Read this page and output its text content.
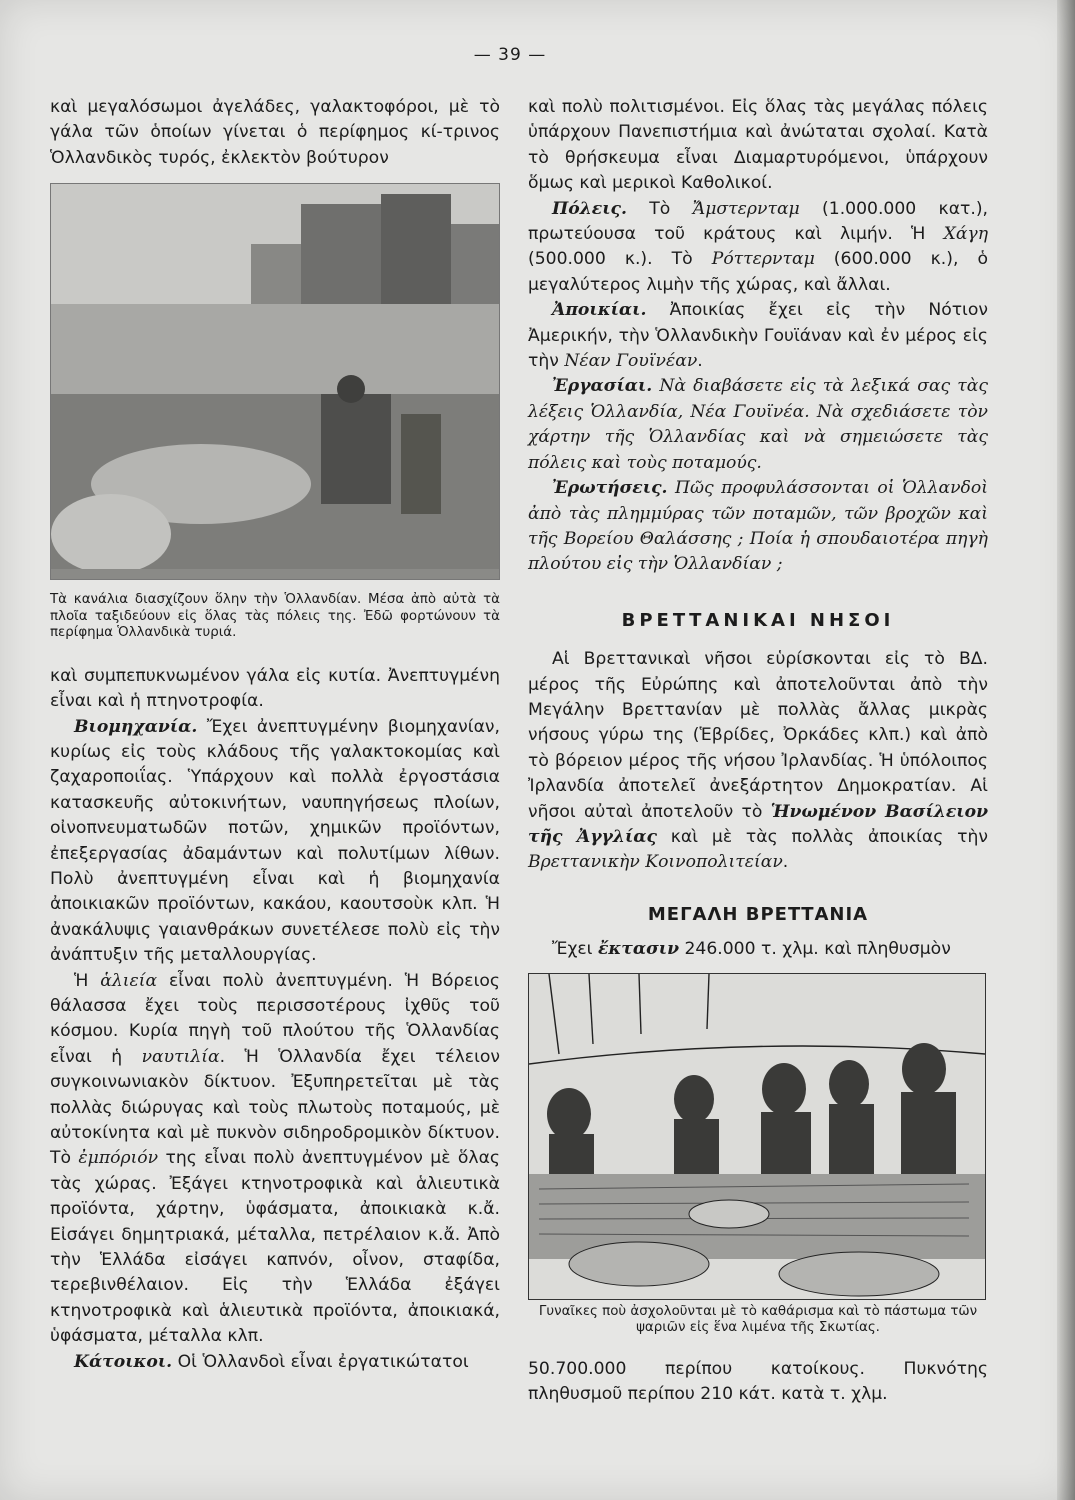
— 39 —

καὶ μεγαλόσωμοι ἀγελάδες, γαλακτοφόροι, μὲ τὸ γάλα τῶν ὁποίων γίνεται ὁ περίφημος κί-τρινος Ὁλλανδικὸς τυρός, ἐκλεκτὸν βούτυρον

Τὰ κανάλια διασχίζουν ὅλην τὴν Ὁλλανδίαν. Μέσα ἀπὸ αὐτὰ τὰ πλοῖα ταξιδεύουν εἰς ὅλας τὰς πόλεις της. Ἐδῶ φορτώνουν τὰ περίφημα Ὁλλανδικὰ τυριά.

καὶ συμπεπυκνωμένον γάλα εἰς κυτία. Ἀνεπτυγμένη εἶναι καὶ ἡ πτηνοτροφία.

Βιομηχανία. Ἔχει ἀνεπτυγμένην βιομηχανίαν, κυρίως εἰς τοὺς κλάδους τῆς γαλακτοκομίας καὶ ζαχαροποιΐας. Ὑπάρχουν καὶ πολλὰ ἐργοστάσια κατασκευῆς αὐτοκινήτων, ναυπηγήσεως πλοίων, οἰνοπνευματωδῶν ποτῶν, χημικῶν προϊόντων, ἐπεξεργασίας ἀδαμάντων καὶ πολυτίμων λίθων. Πολὺ ἀνεπτυγμένη εἶναι καὶ ἡ βιομηχανία ἀποικιακῶν προϊόντων, κακάου, καουτσοὺκ κλπ. Ἡ ἀνακάλυψις γαιανθράκων συνετέλεσε πολὺ εἰς τὴν ἀνάπτυξιν τῆς μεταλλουργίας.

Ἡ ἁλιεία εἶναι πολὺ ἀνεπτυγμένη. Ἡ Βόρειος θάλασσα ἔχει τοὺς περισσοτέρους ἰχθῦς τοῦ κόσμου. Κυρία πηγὴ τοῦ πλούτου τῆς Ὁλλανδίας εἶναι ἡ ναυτιλία. Ἡ Ὁλλανδία ἔχει τέλειον συγκοινωνιακὸν δίκτυον. Ἐξυπηρετεῖται μὲ τὰς πολλὰς διώρυγας καὶ τοὺς πλωτοὺς ποταμούς, μὲ αὐτοκίνητα καὶ μὲ πυκνὸν σιδηροδρομικὸν δίκτυον. Τὸ ἐμπόριόν της εἶναι πολὺ ἀνεπτυγμένον μὲ ὅλας τὰς χώρας. Ἐξάγει κτηνοτροφικὰ καὶ ἁλιευτικὰ προϊόντα, χάρτην, ὑφάσματα, ἀποικιακὰ κ.ἄ. Εἰσάγει δημητριακά, μέταλλα, πετρέλαιον κ.ἄ. Ἀπὸ τὴν Ἑλλάδα εἰσάγει καπνόν, οἶνον, σταφίδα, τερεβινθέλαιον. Εἰς τὴν Ἑλλάδα ἐξάγει κτηνοτροφικὰ καὶ ἁλιευτικὰ προϊόντα, ἀποικιακά, ὑφάσματα, μέταλλα κλπ.

Κάτοικοι. Οἱ Ὁλλανδοὶ εἶναι ἐργατικώτατοι

καὶ πολὺ πολιτισμένοι. Εἰς ὅλας τὰς μεγάλας πόλεις ὑπάρχουν Πανεπιστήμια καὶ ἀνώταται σχολαί. Κατὰ τὸ θρήσκευμα εἶναι Διαμαρτυρόμενοι, ὑπάρχουν ὅμως καὶ μερικοὶ Καθολικοί.

Πόλεις. Τὸ Ἄμστερνταμ (1.000.000 κατ.), πρωτεύουσα τοῦ κράτους καὶ λιμήν. Ἡ Χάγη (500.000 κ.). Τὸ Ρόττερνταμ (600.000 κ.), ὁ μεγαλύτερος λιμὴν τῆς χώρας, καὶ ἄλλαι.

Ἀποικίαι. Ἀποικίας ἔχει εἰς τὴν Νότιον Ἀμερικήν, τὴν Ὁλλανδικὴν Γουϊάναν καὶ ἐν μέρος εἰς τὴν Νέαν Γουϊνέαν.

Ἐργασίαι. Νὰ διαβάσετε εἰς τὰ λεξικά σας τὰς λέξεις Ὁλλανδία, Νέα Γουϊνέα. Νὰ σχεδιάσετε τὸν χάρτην τῆς Ὁλλανδίας καὶ νὰ σημειώσετε τὰς πόλεις καὶ τοὺς ποταμούς.

Ἐρωτήσεις. Πῶς προφυλάσσονται οἱ Ὁλλανδοὶ ἀπὸ τὰς πλημμύρας τῶν ποταμῶν, τῶν βροχῶν καὶ τῆς Βορείου Θαλάσσης ; Ποία ἡ σπουδαιοτέρα πηγὴ πλούτου εἰς τὴν Ὁλλανδίαν ;

ΒΡΕΤΤΑΝΙΚΑΙ ΝΗΣΟΙ

Αἱ Βρεττανικαὶ νῆσοι εὑρίσκονται εἰς τὸ ΒΔ. μέρος τῆς Εὐρώπης καὶ ἀποτελοῦνται ἀπὸ τὴν Μεγάλην Βρεττανίαν μὲ πολλὰς ἄλλας μικρὰς νήσους γύρω της (Ἑβρίδες, Ὀρκάδες κλπ.) καὶ ἀπὸ τὸ βόρειον μέρος τῆς νήσου Ἰρλανδίας. Ἡ ὑπόλοιπος Ἰρλανδία ἀποτελεῖ ἀνεξάρτητον Δημοκρατίαν. Αἱ νῆσοι αὐταὶ ἀποτελοῦν τὸ Ἡνωμένον Βασίλειον τῆς Ἀγγλίας καὶ μὲ τὰς πολλὰς ἀποικίας τὴν Βρεττανικὴν Κοινοπολιτείαν.

ΜΕΓΑΛΗ ΒΡΕΤΤΑΝΙΑ

Ἔχει ἔκτασιν 246.000 τ. χλμ. καὶ πληθυσμὸν

Γυναῖκες ποὺ ἀσχολοῦνται μὲ τὸ καθάρισμα καὶ τὸ πάστωμα τῶν ψαριῶν εἰς ἕνα λιμένα τῆς Σκωτίας.

50.700.000 περίπου κατοίκους. Πυκνότης πληθυσμοῦ περίπου 210 κάτ. κατὰ τ. χλμ.
